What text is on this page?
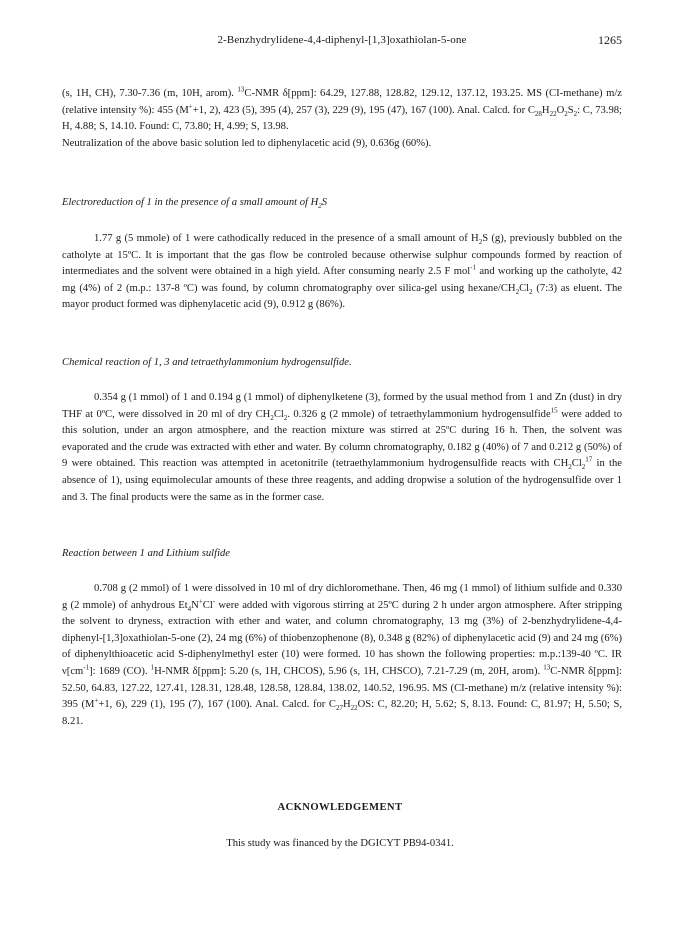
2-Benzhydrylidene-4,4-diphenyl-[1,3]oxathiolan-5-one	1265

(s, 1H, CH), 7.30-7.36 (m, 10H, arom). $^{13}$C-NMR δ[ppm]: 64.29, 127.88, 128.82, 129.12, 137.12, 193.25. MS (CI-methane) m/z (relative intensity %): 455 (M++1, 2), 423 (5), 395 (4), 257 (3), 229 (9), 195 (47), 167 (100). Anal. Calcd. for $C_{28}H_{22}O_2S_2$: C, 73.98; H, 4.88; S, 14.10. Found: C, 73.80; H, 4.99; S, 13.98.

Neutralization of the above basic solution led to diphenylacetic acid (9), 0.636g (60%).

Electroreduction of 1 in the presence of a small amount of $H_2S$

1.77 g (5 mmole) of 1 were cathodically reduced in the presence of a small amount of $H_2S$ (g), previously bubbled on the catholyte at 15ºC. It is important that the gas flow be controled because otherwise sulphur compounds formed by reaction of intermediates and the solvent were obtained in a high yield. After consuming nearly 2.5 F mol$^{-1}$ and working up the catholyte, 42 mg (4%) of 2 (m.p.: 137-8 ºC) was found, by column chromatography over silica-gel using hexane/$CH_2Cl_2$ (7:3) as eluent. The mayor product formed was diphenylacetic acid (9), 0.912 g (86%).

Chemical reaction of 1, 3 and tetraethylammonium hydrogensulfide.

0.354 g (1 mmol) of 1 and 0.194 g (1 mmol) of diphenylketene (3), formed by the usual method from 1 and Zn (dust) in dry THF at 0ºC, were dissolved in 20 ml of dry $CH_2Cl_2$. 0.326 g (2 mmole) of tetraethylammonium hydrogensulfide$^{15}$ were added to this solution, under an argon atmosphere, and the reaction mixture was stirred at 25ºC during 16 h. Then, the solvent was evaporated and the crude was extracted with ether and water. By column chromatography, 0.182 g (40%) of 7 and 0.212 g (50%) of 9 were obtained. This reaction was attempted in acetonitrile (tetraethylammonium hydrogensulfide reacts with $CH_2Cl_2^{17}$ in the absence of 1), using equimolecular amounts of these three reagents, and adding dropwise a solution of the hydrogensulfide over 1 and 3. The final products were the same as in the former case.

Reaction between 1 and Lithium sulfide

0.708 g (2 mmol) of 1 were dissolved in 10 ml of dry dichloromethane. Then, 46 mg (1 mmol) of lithium sulfide and 0.330 g (2 mmole) of anhydrous $Et_4N^+Cl^-$ were added with vigorous stirring at 25ºC during 2 h under argon atmosphere. After stripping the solvent to dryness, extraction with ether and water, and column chromatography, 13 mg (3%) of 2-benzhydrylidene-4,4-diphenyl-[1,3]oxathiolan-5-one (2), 24 mg (6%) of thiobenzophenone (8), 0.348 g (82%) of diphenylacetic acid (9) and 24 mg (6%) of diphenylthioacetic acid S-diphenylmethyl ester (10) were formed. 10 has shown the following properties: m.p.:139-40 ºC. IR $\nu[cm^{-1}]$: 1689 (CO). $^1$H-NMR δ[ppm]: 5.20 (s, 1H, CHCOS), 5.96 (s, 1H, CHSCO), 7.21-7.29 (m, 20H, arom). $^{13}$C-NMR δ[ppm]: 52.50, 64.83, 127.22, 127.41, 128.31, 128.48, 128.58, 128.84, 138.02, 140.52, 196.95. MS (CI-methane) m/z (relative intensity %): 395 (M++1, 6), 229 (1), 195 (7), 167 (100). Anal. Calcd. for $C_{27}H_{22}OS$: C, 82.20; H, 5.62; S, 8.13. Found: C, 81.97; H, 5.50; S, 8.21.

ACKNOWLEDGEMENT
This study was financed by the DGICYT PB94-0341.
